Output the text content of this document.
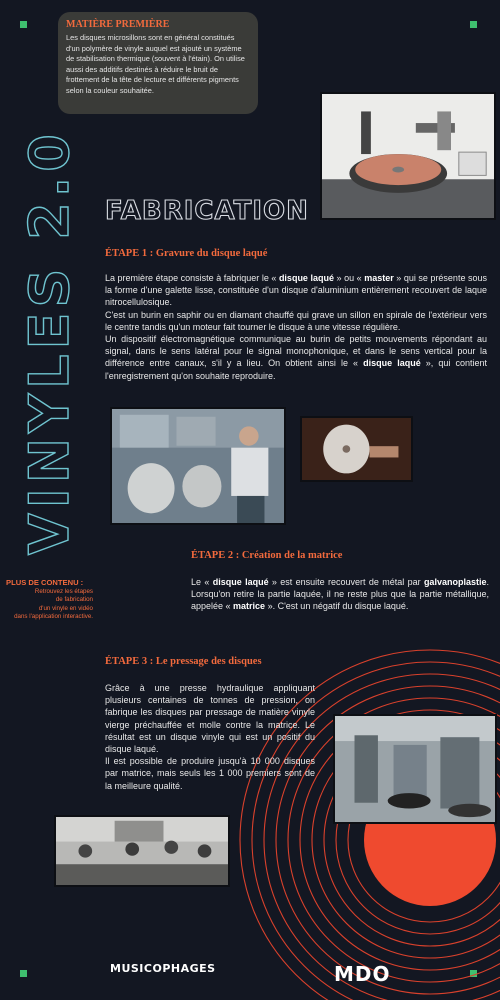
MATIÈRE PREMIÈRE
Les disques microsillons sont en général constitués d'un polymère de vinyle auquel est ajouté un système de stabilisation thermique (souvent à l'étain). On utilise aussi des additifs destinés à réduire le bruit de frottement de la tête de lecture et différents pigments selon la couleur souhaitée.
VINYLES 2.0 FABRICATION
ÉTAPE 1 : Gravure du disque laqué
La première étape consiste à fabriquer le « disque laqué » ou « master » qui se présente sous la forme d'une galette lisse, constituée d'un disque d'aluminium entièrement recouvert de laque nitrocellulosique.
C'est un burin en saphir ou en diamant chauffé qui grave un sillon en spirale de l'extérieur vers le centre tandis qu'un moteur fait tourner le disque à une vitesse régulière.
Un dispositif électromagnétique communique au burin de petits mouvements répondant au signal, dans le sens latéral pour le signal monophonique, et dans le sens vertical pour la différence entre canaux, s'il y a lieu. On obtient ainsi le « disque laqué », qui contient l'enregistrement qu'on souhaite reproduire.
PLUS DE CONTENU :
Retrouvez les étapes
de fabrication
d'un vinyle en vidéo
dans l'application interactive.
ÉTAPE 2 : Création de la matrice
Le « disque laqué » est ensuite recouvert de métal par galvanoplastie. Lorsqu'on retire la partie laquée, il ne reste plus que la partie métallique, appelée « matrice ». C'est un négatif du disque laqué.
ÉTAPE 3 : Le pressage des disques
Grâce à une presse hydraulique appliquant plusieurs centaines de tonnes de pression, on fabrique les disques par pressage de matière vinyle vierge préchauffée et molle contre la matrice. Le résultat est un disque vinyle qui est un positif du disque laqué.
Il est possible de produire jusqu'à 10 000 disques par matrice, mais seuls les 1 000 premiers sont de la meilleure qualité.
MUSICOPHAGES	MDO
